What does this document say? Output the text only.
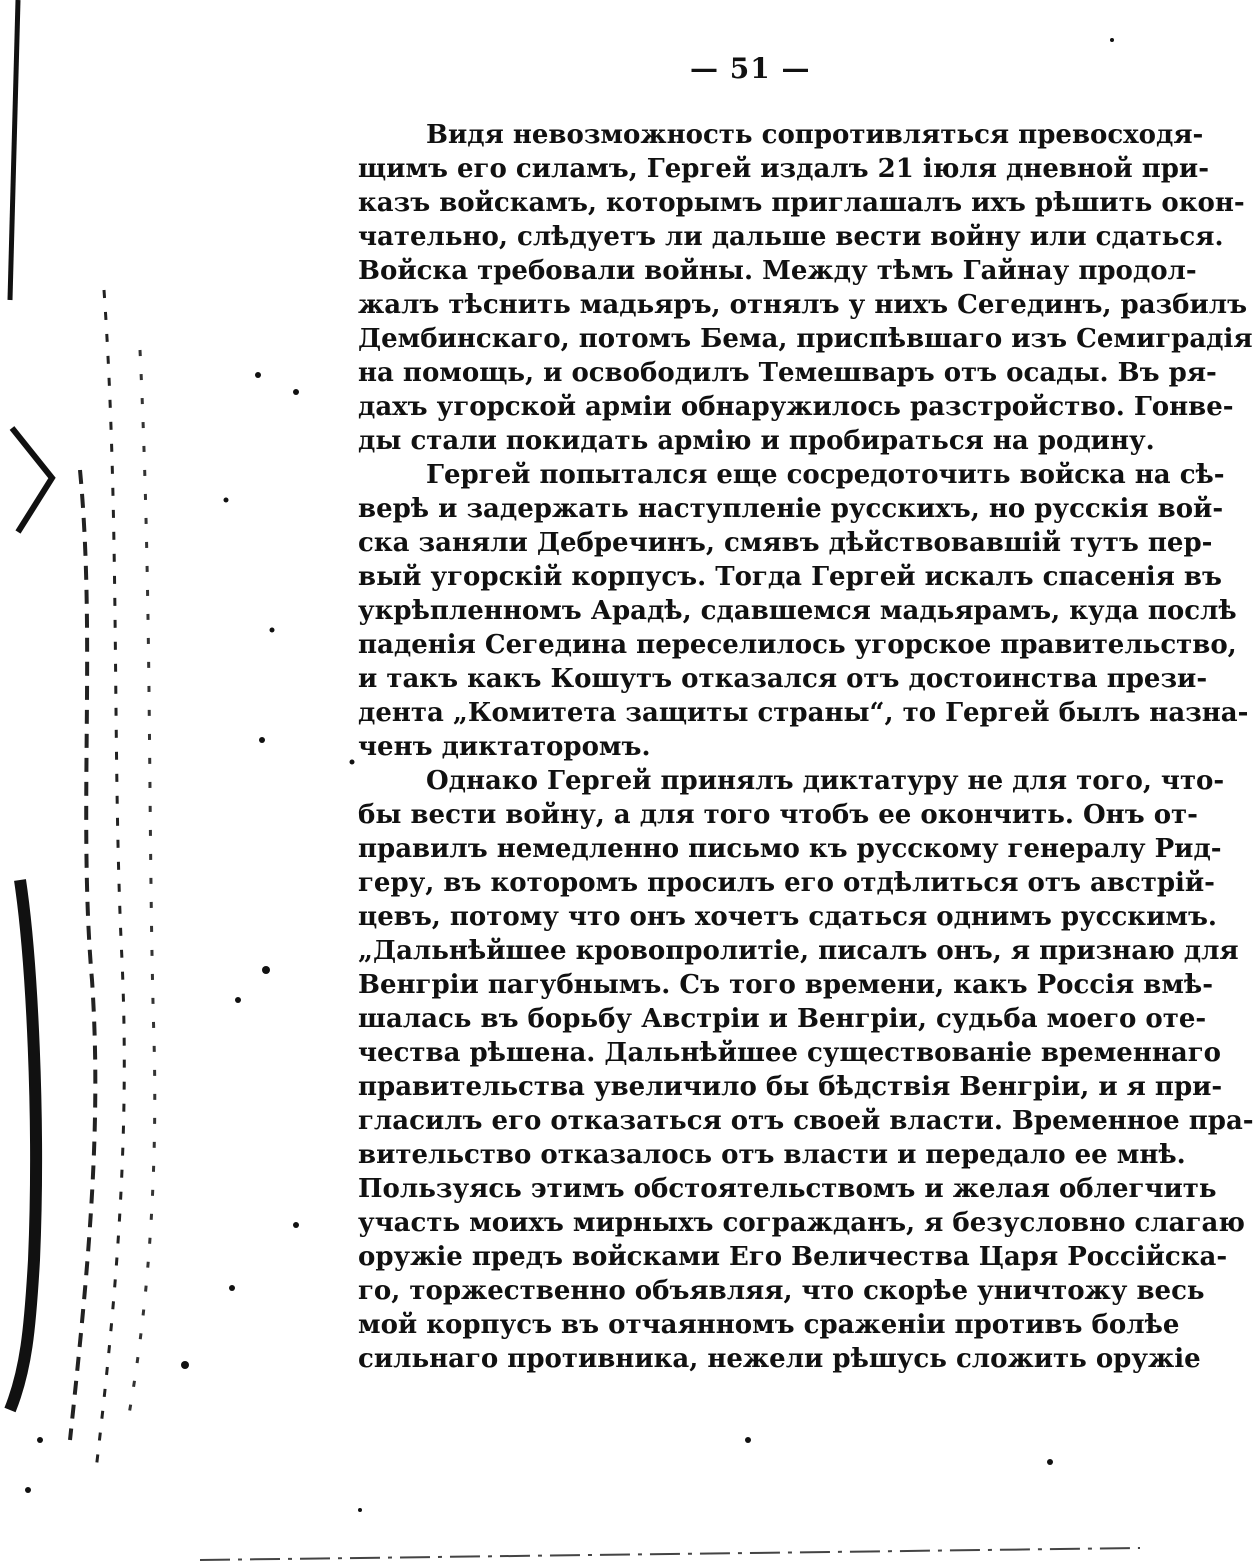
— 51 —
Видя невозможность сопротивляться превосходя-
щимъ его силамъ, Гергей издалъ 21 іюля дневной при-
казъ войскамъ, которымъ приглашалъ ихъ рѣшить окон-
чательно, слѣдуетъ ли дальше вести войну или сдаться.
Войска требовали войны. Между тѣмъ Гайнау продол-
жалъ тѣснить мадьяръ, отнялъ у нихъ Сегединъ, разбилъ
Дембинскаго, потомъ Бема, приспѣвшаго изъ Семиградія
на помощь, и освободилъ Темешваръ отъ осады. Въ ря-
дахъ угорской арміи обнаружилось разстройство. Гонве-
ды стали покидать армію и пробираться на родину.
Гергей попытался еще сосредоточить войска на сѣ-
верѣ и задержать наступленіе русскихъ, но русскія вой-
ска заняли Дебречинъ, смявъ дѣйствовавшій тутъ пер-
вый угорскій корпусъ. Тогда Гергей искалъ спасенія въ
укрѣпленномъ Арадѣ, сдавшемся мадьярамъ, куда послѣ
паденія Сегедина переселилось угорское правительство,
и такъ какъ Кошутъ отказался отъ достоинства прези-
дента „Комитета защиты страны“, то Гергей былъ назна-
ченъ диктаторомъ.
Однако Гергей принялъ диктатуру не для того, что-
бы вести войну, а для того чтобъ ее окончить. Онъ от-
правилъ немедленно письмо къ русскому генералу Рид-
геру, въ которомъ просилъ его отдѣлиться отъ австрій-
цевъ, потому что онъ хочетъ сдаться однимъ русскимъ.
„Дальнѣйшее кровопролитіе, писалъ онъ, я признаю для
Венгріи пагубнымъ. Съ того времени, какъ Россія вмѣ-
шалась въ борьбу Австріи и Венгріи, судьба моего оте-
чества рѣшена. Дальнѣйшее существованіе временнаго
правительства увеличило бы бѣдствія Венгріи, и я при-
гласилъ его отказаться отъ своей власти. Временное пра-
вительство отказалось отъ власти и передало ее мнѣ.
Пользуясь этимъ обстоятельствомъ и желая облегчить
участь моихъ мирныхъ согражданъ, я безусловно слагаю
оружіе предъ войсками Его Величества Царя Россійска-
го, торжественно объявляя, что скорѣе уничтожу весь
мой корпусъ въ отчаянномъ сраженіи противъ болѣе
сильнаго противника, нежели рѣшусь сложить оружіе
